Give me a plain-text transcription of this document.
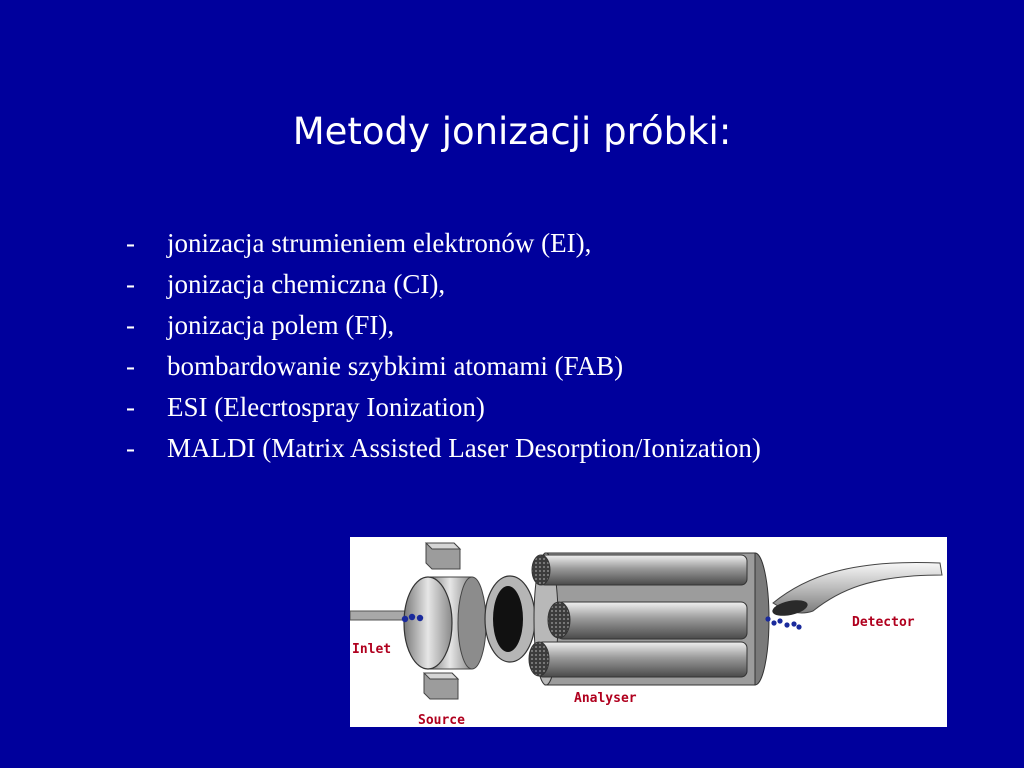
Metody jonizacji próbki:
- jonizacja strumieniem elektronów (EI),
- jonizacja chemiczna (CI),
- jonizacja polem (FI),
- bombardowanie szybkimi atomami (FAB)
- ESI (Elecrtospray Ionization)
- MALDI (Matrix Assisted Laser Desorption/Ionization)
Inlet
Source
Analyser
Detector
